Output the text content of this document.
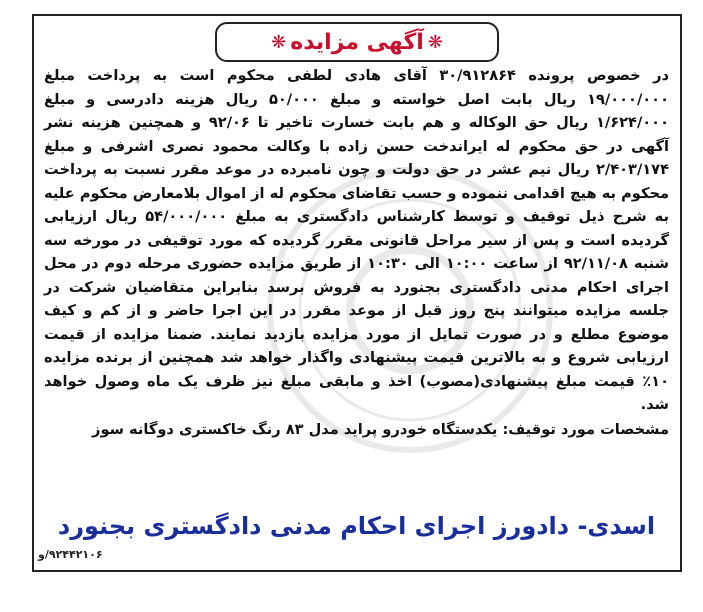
❋
آگهی مزایده
❋

در خصوص پرونده ۳۰/۹۱۲۸۶۴ آقای هادی لطفی محکوم است به پرداخت مبلغ ۱۹/۰۰۰/۰۰۰ ریال بابت اصل خواسته و مبلغ ۵۰/۰۰۰ ریال هزینه دادرسی و مبلغ ۱/۶۲۴/۰۰۰ ریال حق الوکاله و هم بابت خسارت تاخیر تا ۹۲/۰۶ و همچنین هزینه نشر آگهی در حق محکوم له ایراندخت حسن زاده با وکالت محمود نصری اشرفی و مبلغ ۲/۴۰۳/۱۷۴ ریال نیم عشر در حق دولت و چون نامبرده در موعد مقرر نسبت به پرداخت محکوم به هیچ اقدامی ننموده و حسب تقاضای محکوم له از اموال بلامعارض محکوم علیه به شرح ذیل توقیف و توسط کارشناس دادگستری به مبلغ ۵۴/۰۰۰/۰۰۰ ریال ارزیابی گردیده است و پس از سیر مراحل قانونی مقرر گردیده که مورد توقیفی در مورخه سه شنبه ۹۲/۱۱/۰۸ از ساعت ۱۰:۰۰ الی ۱۰:۳۰ از طریق مزایده حضوری مرحله دوم در محل اجرای احکام مدنی دادگستری بجنورد به فروش برسد بنابراین متقاضیان شرکت در جلسه مزایده میتوانند پنج روز قبل از موعد مقرر در این اجرا حاضر و از کم و کیف موضوع مطلع و در صورت تمایل از مورد مزایده بازدید نمایند. ضمنا مزایده از قیمت ارزیابی شروع و به بالاترین قیمت پیشنهادی واگذار خواهد شد همچنین از برنده مزایده ۱۰٪ قیمت مبلغ پیشنهادی(مصوب) اخذ و مابقی مبلغ نیز ظرف یک ماه وصول خواهد شد.

مشخصات مورد توقیف: یکدستگاه خودرو پراید مدل ۸۳ رنگ خاکستری دوگانه سوز
اسدی- دادورز اجرای احکام مدنی دادگستری بجنورد
۹۲۴۴۲۱۰۶/و
